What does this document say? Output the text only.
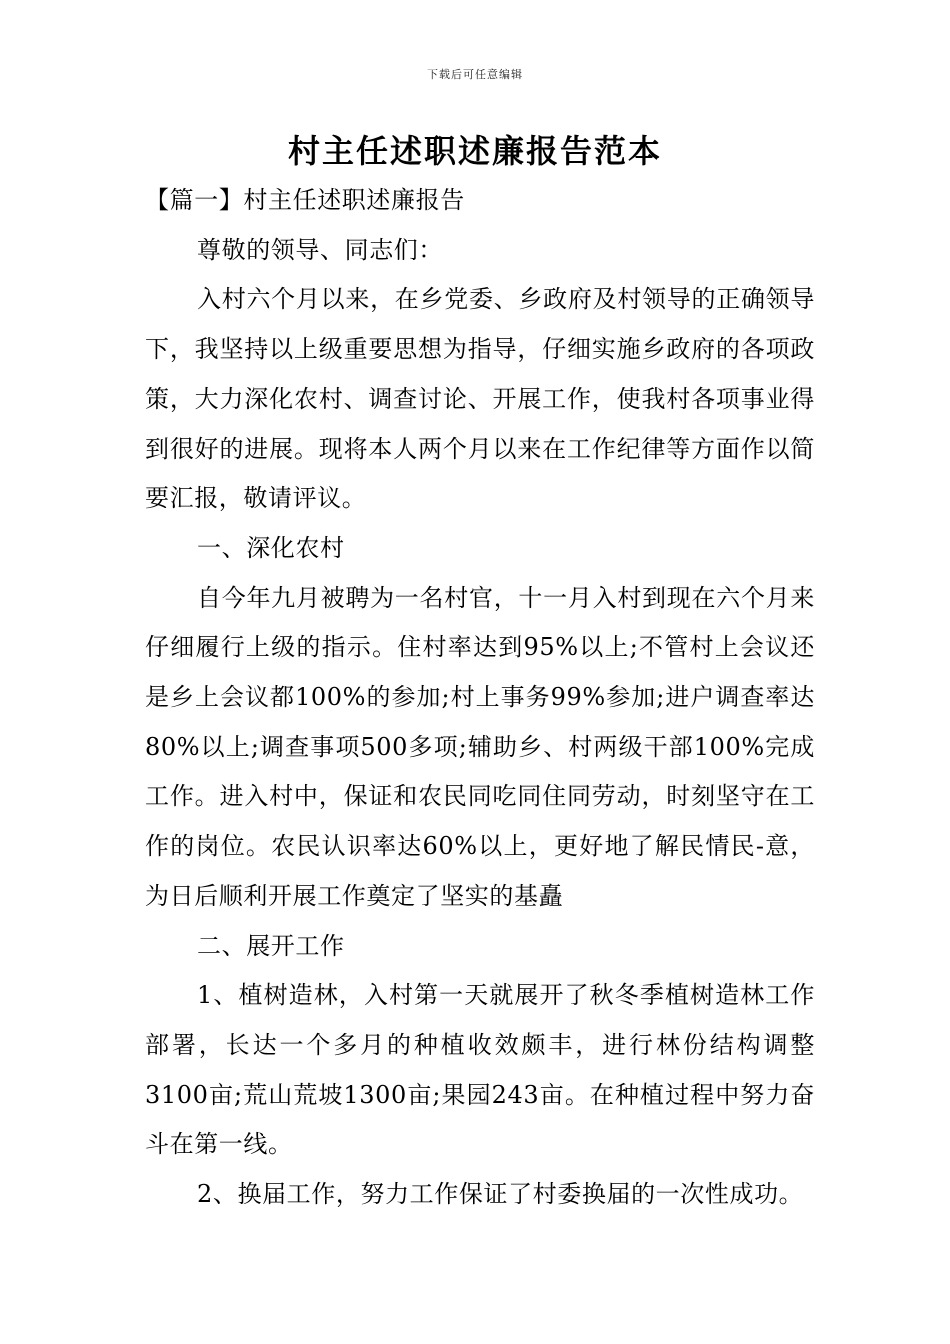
下载后可任意编辑
村主任述职述廉报告范本

【篇一】村主任述职述廉报告

尊敬的领导、同志们：

入村六个月以来，在乡党委、乡政府及村领导的正确领导下，我坚持以上级重要思想为指导，仔细实施乡政府的各项政策，大力深化农村、调查讨论、开展工作，使我村各项事业得到很好的进展。现将本人两个月以来在工作纪律等方面作以简要汇报，敬请评议。

一、深化农村

自今年九月被聘为一名村官，十一月入村到现在六个月来仔细履行上级的指示。住村率达到95%以上;不管村上会议还是乡上会议都100%的参加;村上事务99%参加;进户调查率达80%以上;调查事项500多项;辅助乡、村两级干部100%完成工作。进入村中，保证和农民同吃同住同劳动，时刻坚守在工作的岗位。农民认识率达60%以上，更好地了解民情民-意，为日后顺利开展工作奠定了坚实的基矗

二、展开工作

1、植树造林，入村第一天就展开了秋冬季植树造林工作部署，长达一个多月的种植收效颇丰，进行林份结构调整3100亩;荒山荒坡1300亩;果园243亩。在种植过程中努力奋斗在第一线。

2、换届工作，努力工作保证了村委换届的一次性成功。
